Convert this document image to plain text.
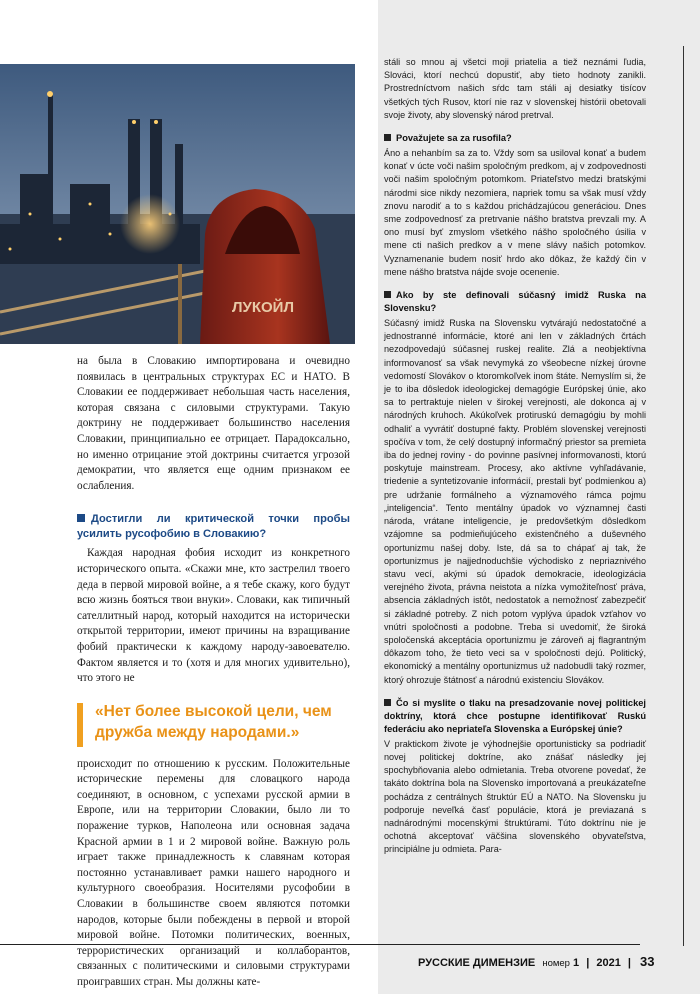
ЛУКОЙЛ

на была в Словакию импортирована и очевидно появилась в центральных структурах ЕС и НАТО. В Словакии ее поддерживает небольшая часть населения, которая связана с силовыми структурами. Такую доктрину не поддерживает большинство населения Словакии, принципиально ее отрицает. Парадоксально, но именно отрицание этой доктрины считается угрозой демократии, что является еще одним признаком ее ослабления.

Достигли ли критической точки пробы усилить русофобию в Словакию?

Каждая народная фобия исходит из конкретного исторического опыта. «Скажи мне, кто застрелил твоего деда в первой мировой войне, а я тебе скажу, кого будут всю жизнь бояться твои внуки». Словаки, как типичный сателлитный народ, который находится на исторически открытой территории, имеют причины на взращивание фобий практически к каждому народу-завоевателю. Фактом является и то (хотя и для многих удивительно), что этого не

«Нет более высокой цели, чем дружба между народами.»

происходит по отношению к русским. Положительные исторические перемены для словацкого народа соединяют, в основном, с успехами русской армии в Европе, или на территории Словакии, было ли то поражение турков, Наполеона или основная задача Красной армии в 1 и 2 мировой войне. Важную роль играет также принадлежность к славянам которая постоянно устанавливает рамки нашего народного и культурного своеобразия. Носителями русофобии в Словакии в большинстве своем являются потомки народов, которые были побеждены в первой и второй мировой войне. Потомки политических, военных, террористических организаций и коллаборантов, связанных с политическими и силовыми структурами проигравших стран. Мы должны кате-

stáli so mnou aj všetci moji priatelia a tiež neznámi ľudia, Slováci, ktorí nechcú dopustiť, aby tieto hodnoty zanikli. Prostredníctvom našich sŕdc tam stáli aj desiatky tisícov všetkých tých Rusov, ktorí nie raz v slovenskej histórii obetovali svoje životy, aby slovenský národ pretrval.

Považujete sa za rusofila?

Áno a nehanbím sa za to. Vždy som sa usiloval konať a budem konať v úcte voči našim spoločným predkom, aj v zodpovednosti voči našim spoločným potomkom. Priateľstvo medzi bratskými národmi sice nikdy nezomiera, napriek tomu sa však musí vždy znovu narodiť a to s každou prichádzajúcou generáciou. Dnes sme zodpovednosť za pretrvanie nášho bratstva prevzali my. A ono musí byť zmyslom všetkého nášho spoločného úsilia v mene cti našich predkov a v mene slávy našich potomkov. Vyznamenanie budem nosiť hrdo ako dôkaz, že každý čin v mene nášho bratstva nájde svoje ocenenie.

Ako by ste definovali súčasný imidž Ruska na Slovensku?

Súčasný imidž Ruska na Slovensku vytvárajú nedostatočné a jednostranné informácie, ktoré ani len v základných črtách nezodpovedajú súčasnej ruskej realite. Zlá a neobjektívna informovanosť sa však nevymyká zo všeobecne nízkej úrovne vedomostí Slovákov o ktoromkoľvek inom štáte. Nemyslím si, že je to iba dôsledok ideologickej demagógie Európskej únie, ako sa to pertraktuje nielen v širokej verejnosti, ale dokonca aj v národných kruhoch. Akúkoľvek protiruskú demagógiu by mohli odhaliť a vyvrátiť dostupné fakty. Problém slovenskej verejnosti spočíva v tom, že celý dostupný informačný priestor sa premieta iba do jednej roviny - do povinne pasívnej informovanosti, ktorú poskytuje mainstream. Procesy, ako aktívne vyhľadávanie, triedenie a syntetizovanie informácií, prestali byť podmienkou a) pre udržanie formálneho a významového rámca pojmu „inteligencia“. Tento mentálny úpadok vo významnej časti národa, vrátane inteligencie, je predovšetkým dôsledkom vzájomne sa podmieňujúceho existenčného a duševného oportunizmu našej doby. Iste, dá sa to chápať aj tak, že oportunizmus je najjednoduchšie východisko z nepriaznivého stavu vecí, akými sú úpadok demokracie, ideologizácia verejného života, právna neistota a nízka vymožiteľnosť práva, absencia základných istôt, nedostatok a nemožnosť zabezpečiť si základné potreby. Z nich potom vyplýva úpadok vzťahov vo vnútri spoločnosti a podobne. Treba si uvedomiť, že široká spoločenská akceptácia oportunizmu je zároveň aj flagrantným dôkazom toho, že tieto veci sa v spoločnosti dejú. Politický, ekonomický a mentálny oportunizmus už nadobudli taký rozmer, ktorý ohrozuje štátnosť a národnú existenciu Slovákov.

Čo si myslite o tlaku na presadzovanie novej politickej doktríny, ktorá chce postupne identifikovať Ruskú federáciu ako nepriateľa Slovenska a Európskej únie?

V praktickom živote je výhodnejšie oportunisticky sa podriadiť novej politickej doktríne, ako znášať následky jej spochybňovania alebo odmietania. Treba otvorene povedať, že takáto doktrína bola na Slovensko importovaná a preukázateľne pochádza z centrálnych štruktúr EÚ a NATO. Na Slovensku ju podporuje nevеľká časť populácie, ktorá je previazaná s nadnárodnými mocenskými štruktúrami. Túto doktrínu nie je ochotná akceptovať väčšina slovenského obyvateľstva, principiálne ju odmieta. Para-

РУССКИЕ ДИМЕНЗИЕ номер 1 | 2021 | 33
